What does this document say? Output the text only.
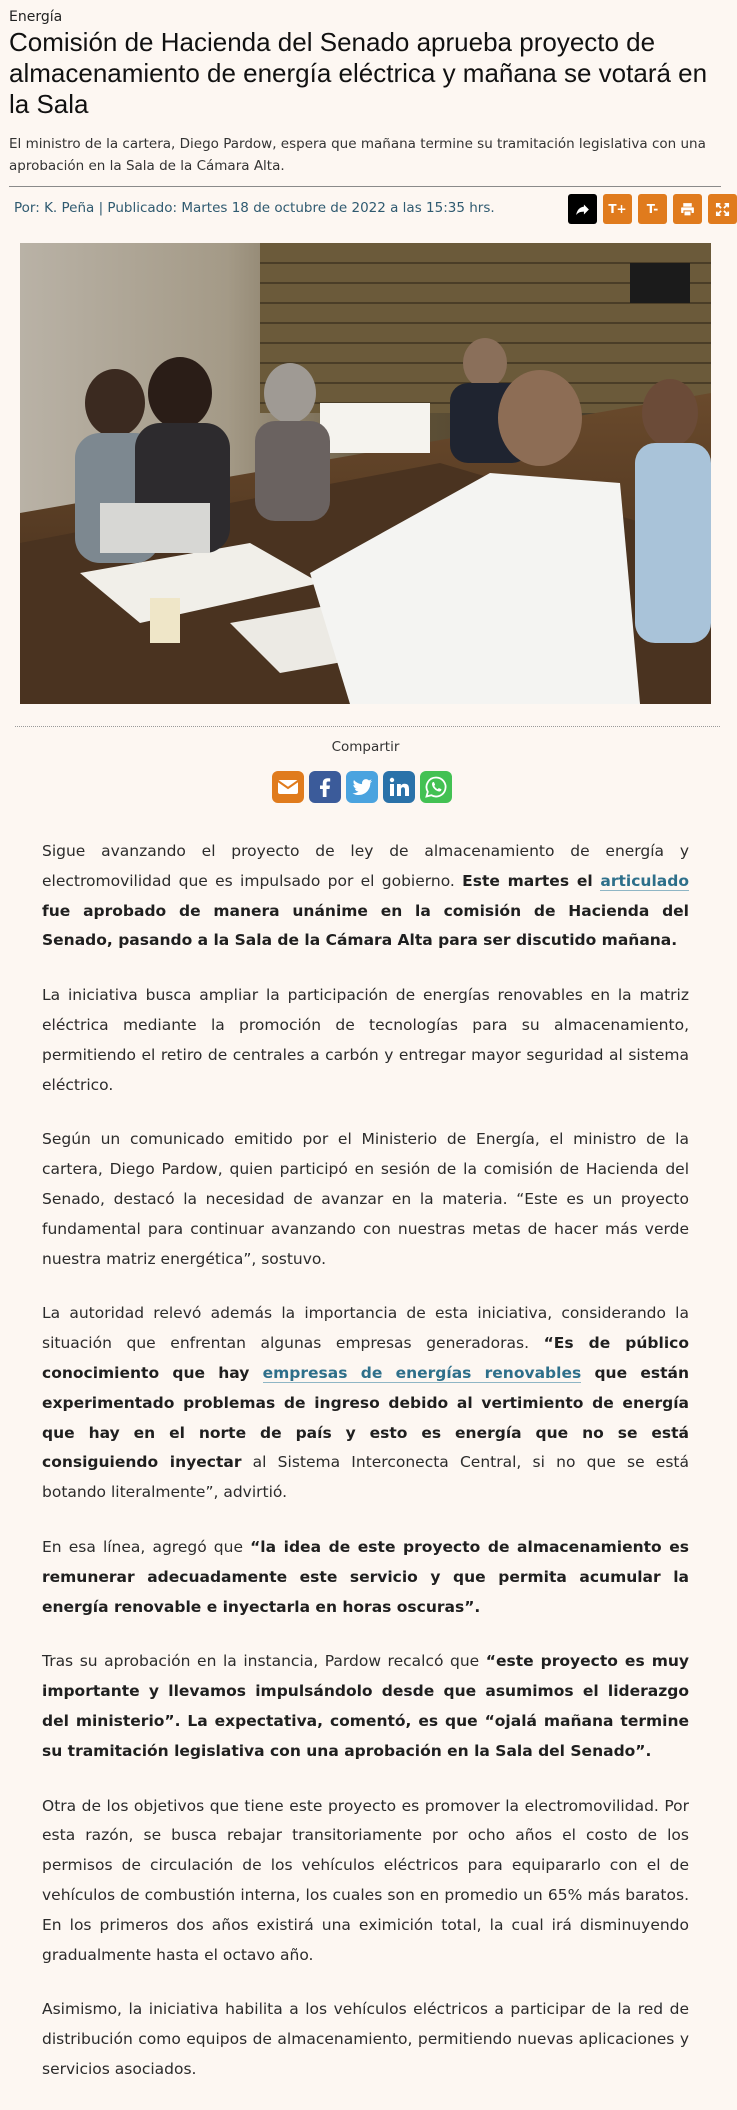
Energía
Comisión de Hacienda del Senado aprueba proyecto de almacenamiento de energía eléctrica y mañana se votará en la Sala
El ministro de la cartera, Diego Pardow, espera que mañana termine su tramitación legislativa con una aprobación en la Sala de la Cámara Alta.
Por: K. Peña | Publicado: Martes 18 de octubre de 2022 a las 15:35 hrs.	T+	T-
Compartir

Sigue avanzando el proyecto de ley de almacenamiento de energía y electromovilidad que es impulsado por el gobierno. Este martes el articulado fue aprobado de manera unánime en la comisión de Hacienda del Senado, pasando a la Sala de la Cámara Alta para ser discutido mañana.

La iniciativa busca ampliar la participación de energías renovables en la matriz eléctrica mediante la promoción de tecnologías para su almacenamiento, permitiendo el retiro de centrales a carbón y entregar mayor seguridad al sistema eléctrico.

Según un comunicado emitido por el Ministerio de Energía, el ministro de la cartera, Diego Pardow, quien participó en sesión de la comisión de Hacienda del Senado, destacó la necesidad de avanzar en la materia. “Este es un proyecto fundamental para continuar avanzando con nuestras metas de hacer más verde nuestra matriz energética”, sostuvo.

La autoridad relevó además la importancia de esta iniciativa, considerando la situación que enfrentan algunas empresas generadoras. “Es de público conocimiento que hay empresas de energías renovables que están experimentado problemas de ingreso debido al vertimiento de energía que hay en el norte de país y esto es energía que no se está consiguiendo inyectar al Sistema Interconecta Central, si no que se está botando literalmente”, advirtió.

En esa línea, agregó que “la idea de este proyecto de almacenamiento es remunerar adecuadamente este servicio y que permita acumular la energía renovable e inyectarla en horas oscuras”.

Tras su aprobación en la instancia, Pardow recalcó que “este proyecto es muy importante y llevamos impulsándolo desde que asumimos el liderazgo del ministerio”. La expectativa, comentó, es que “ojalá mañana termine su tramitación legislativa con una aprobación en la Sala del Senado”.

Otra de los objetivos que tiene este proyecto es promover la electromovilidad. Por esta razón, se busca rebajar transitoriamente por ocho años el costo de los permisos de circulación de los vehículos eléctricos para equipararlo con el de vehículos de combustión interna, los cuales son en promedio un 65% más baratos. En los primeros dos años existirá una eximición total, la cual irá disminuyendo gradualmente hasta el octavo año.

Asimismo, la iniciativa habilita a los vehículos eléctricos a participar de la red de distribución como equipos de almacenamiento, permitiendo nuevas aplicaciones y servicios asociados.
